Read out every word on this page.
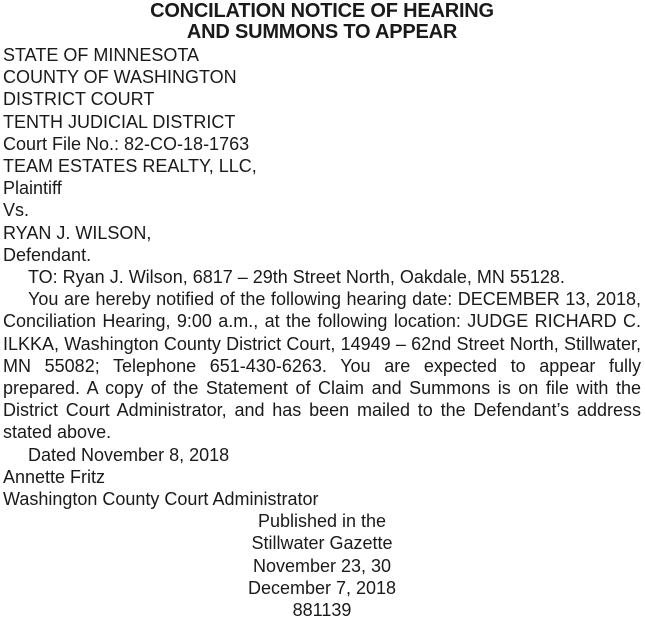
CONCILATION NOTICE OF HEARING
AND SUMMONS TO APPEAR
STATE OF MINNESOTA
COUNTY OF WASHINGTON
DISTRICT COURT
TENTH JUDICIAL DISTRICT
Court File No.: 82-CO-18-1763
TEAM ESTATES REALTY, LLC,
Plaintiff
Vs.
RYAN J. WILSON,
Defendant.
TO: Ryan J. Wilson, 6817 – 29th Street North, Oakdale, MN 55128.

You are hereby notified of the following hearing date: DECEMBER 13, 2018, Conciliation Hearing, 9:00 a.m., at the following location: JUDGE RICHARD C. ILKKA, Washington County District Court, 14949 – 62nd Street North, Stillwater, MN 55082; Telephone 651-430-6263. You are expected to appear fully prepared. A copy of the Statement of Claim and Summons is on file with the District Court Administrator, and has been mailed to the Defendant’s address stated above.

Dated November 8, 2018
Annette Fritz
Washington County Court Administrator
Published in the
Stillwater Gazette
November 23, 30
December 7, 2018
881139
